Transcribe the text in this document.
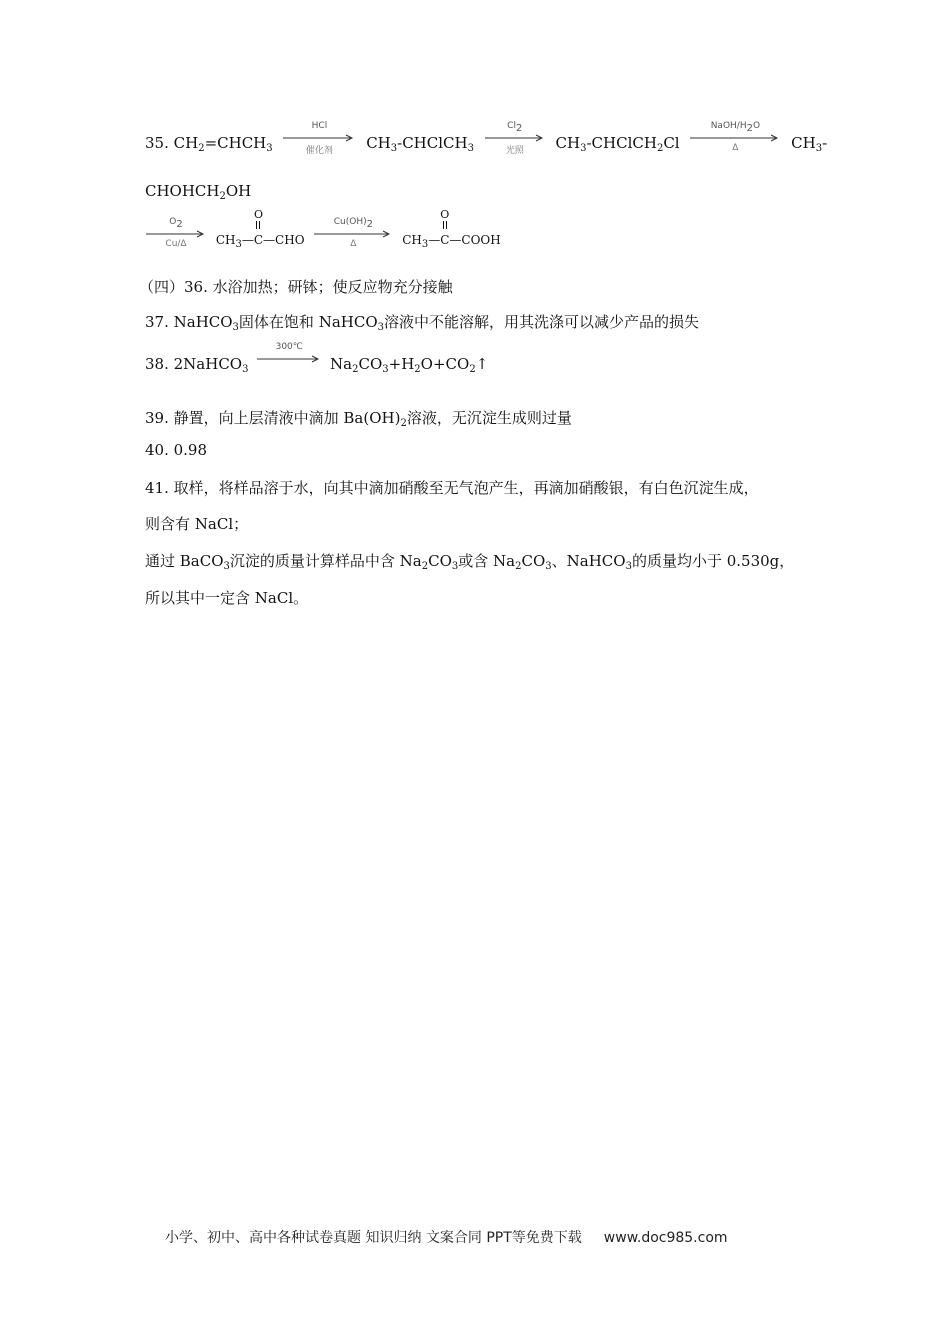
35. $CH_2=CHCH_3$
HCl
催化剂	$CH_3-CHClCH_3$
$Cl_2$
光照	$CH_3-CHClCH_2Cl$
NaOH/$H_2O$
Δ	$CH_3-$
$CHOHCH_2OH$
$O_2$
Cu/Δ	$CH_3—$
O
C—CHO
$Cu(OH)_2$
Δ	$CH_3—$
O
C—COOH
（四）36. 水浴加热；研钵；使反应物充分接触
37. NaHCO$_3$固体在饱和 NaHCO$_3$溶液中不能溶解，用其洗涤可以减少产品的损失
38. 2NaHCO$_3$
300℃
$Na_2CO_3+H_2O+CO_2↑$
39. 静置，向上层清液中滴加 $Ba(OH)_2$溶液，无沉淀生成则过量
40. 0.98
41. 取样，将样品溶于水，向其中滴加硝酸至无气泡产生，再滴加硝酸银，有白色沉淀生成，
则含有 NaCl；
通过 BaCO$_3$沉淀的质量计算样品中含 $Na_2CO_3$或含 $Na_2CO_3$、NaHCO$_3$的质量均小于 0.530g，
所以其中一定含 NaCl。
小学、初中、高中各种试卷真题 知识归纳 文案合同 PPT等免费下载 www.doc985.com
